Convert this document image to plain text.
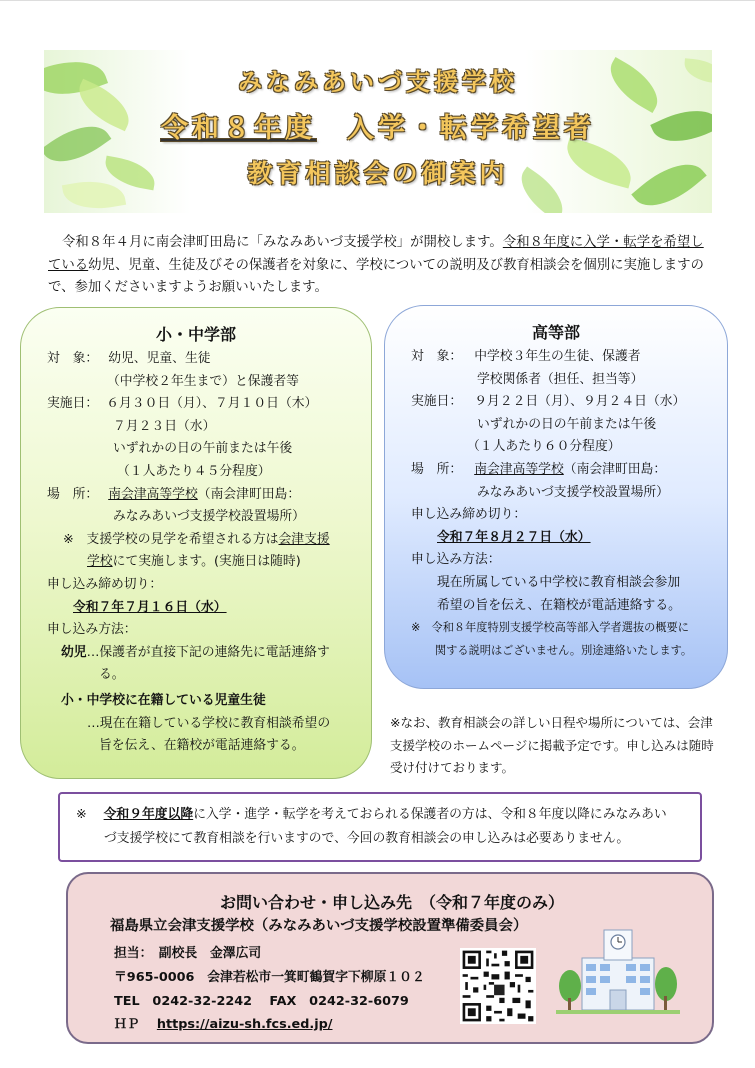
みなみあいづ支援学校
令和８年度　 入学・転学希望者
教育相談会の御案内
令和８年４月に南会津町田島に「みなみあいづ支援学校」が開校します。令和８年度に入学・転学を希望している幼児、児童、生徒及びその保護者を対象に、学校についての説明及び教育相談会を個別に実施しますので、参加くださいますようお願いいたします。
小・中学部
対　象： 幼児、児童、生徒
（中学校２年生まで）と保護者等
実施日： ６月３０日（月）、７月１０日（木）
７月２３日（水）
いずれかの日の午前または午後
（１人あたり４５分程度）
場　所： 南会津高等学校（南会津町田島：
みなみあいづ支援学校設置場所）
※　支援学校の見学を希望される方は会津支援
学校にて実施します。(実施日は随時)
申し込み締め切り：
令和７年７月１６日（水）
申し込み方法：
幼児…保護者が直接下記の連絡先に電話連絡す
る。
小・中学校に在籍している児童生徒
…現在在籍している学校に教育相談希望の
旨を伝え、在籍校が電話連絡する。
高等部
対　象： 中学校３年生の生徒、保護者
学校関係者（担任、担当等）
実施日： ９月２２日（月）、９月２４日（水）
いずれかの日の午前または午後
（１人あたり６０分程度）
場　所： 南会津高等学校（南会津町田島：
みなみあいづ支援学校設置場所）
申し込み締め切り：
令和７年８月２７日（水）
申し込み方法：
現在所属している中学校に教育相談会参加
希望の旨を伝え、在籍校が電話連絡する。
※　令和８年度特別支援学校高等部入学者選抜の概要に
関する説明はございません。別途連絡いたします。
※なお、教育相談会の詳しい日程や場所については、会津支援学校のホームページに掲載予定です。申し込みは随時受け付けております。
※　 令和９年度以降に入学・進学・転学を考えておられる保護者の方は、令和８年度以降にみなみあい
づ支援学校にて教育相談を行いますので、今回の教育相談会の申し込みは必要ありません。
お問い合わせ・申し込み先　（令和７年度のみ）
福島県立会津支援学校（みなみあいづ支援学校設置準備委員会）
担当：　副校長　金澤広司
〒965-0006　会津若松市一箕町鶴賀字下柳原１０２
TEL　0242-32-2242　 FAX　0242-32-6079
ＨＰ　 https://aizu-sh.fcs.ed.jp/
